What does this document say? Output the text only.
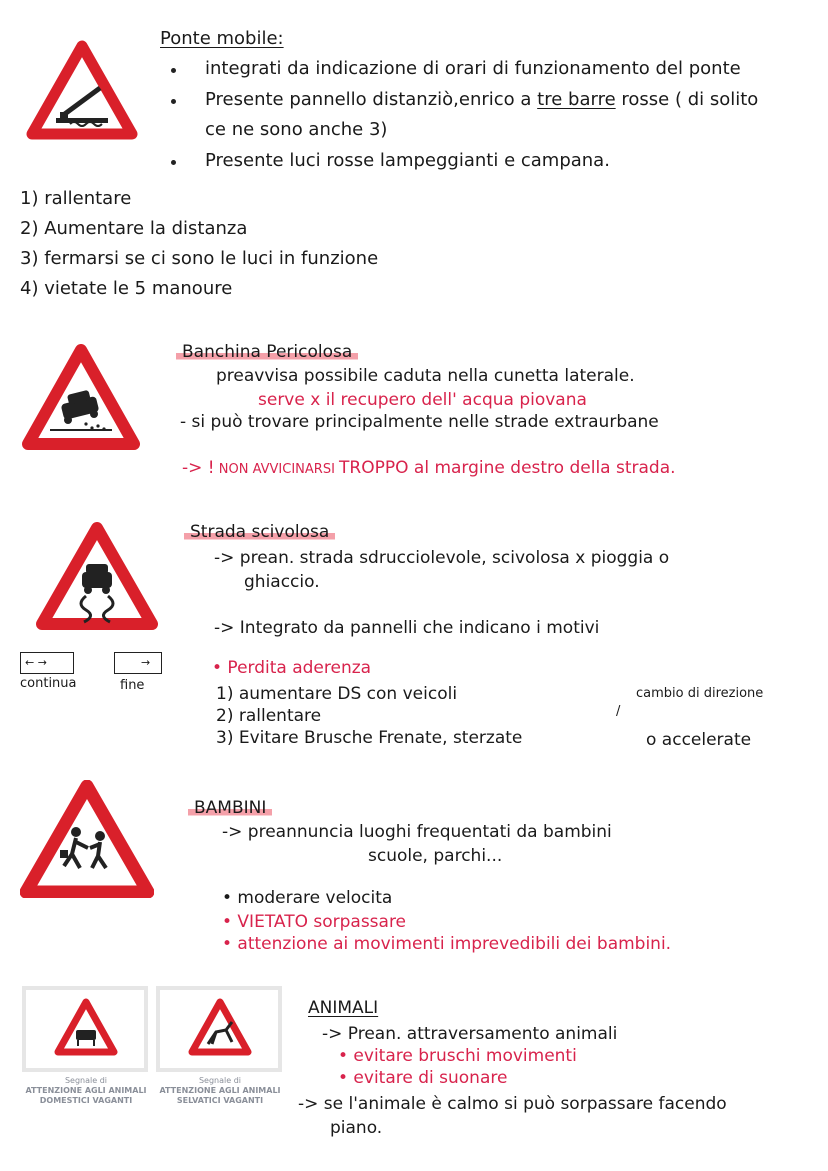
Ponte mobile:
integrati da indicazione di orari di funzionamento del ponte
Presente pannello distanziò,enrico a tre barre rosse ( di solito
ce ne sono anche 3)
Presente luci rosse lampeggianti e campana.
1) rallentare
2) Aumentare la distanza
3) fermarsi se ci sono le luci in funzione
4) vietate le 5 manoure
Banchina Pericolosa
preavvisa possibile caduta nella cunetta laterale.
serve x il recupero dell' acqua piovana
- si può trovare principalmente nelle strade extraurbane
-> ! NON AVVICINARSI TROPPO al margine destro della strada.
Strada scivolosa
-> prean. strada sdrucciolevole, scivolosa x pioggia o
ghiaccio.
-> Integrato da pannelli che indicano i motivi
← →	→
continua	fine
• Perdita aderenza
1) aumentare DS con veicoli	cambio di direzione
/
2) rallentare
3) Evitare Brusche Frenate, sterzate	o accelerate
BAMBINI
-> preannuncia luoghi frequentati da bambini
scuole, parchi...
• moderare velocita
• VIETATO sorpassare
• attenzione ai movimenti imprevedibili dei bambini.
Segnale di
ATTENZIONE AGLI ANIMALI DOMESTICI VAGANTI
Segnale di
ATTENZIONE AGLI ANIMALI SELVATICI VAGANTI
ANIMALI
-> Prean. attraversamento animali
• evitare bruschi movimenti
• evitare di suonare
-> se l'animale è calmo si può sorpassare facendo
piano.
